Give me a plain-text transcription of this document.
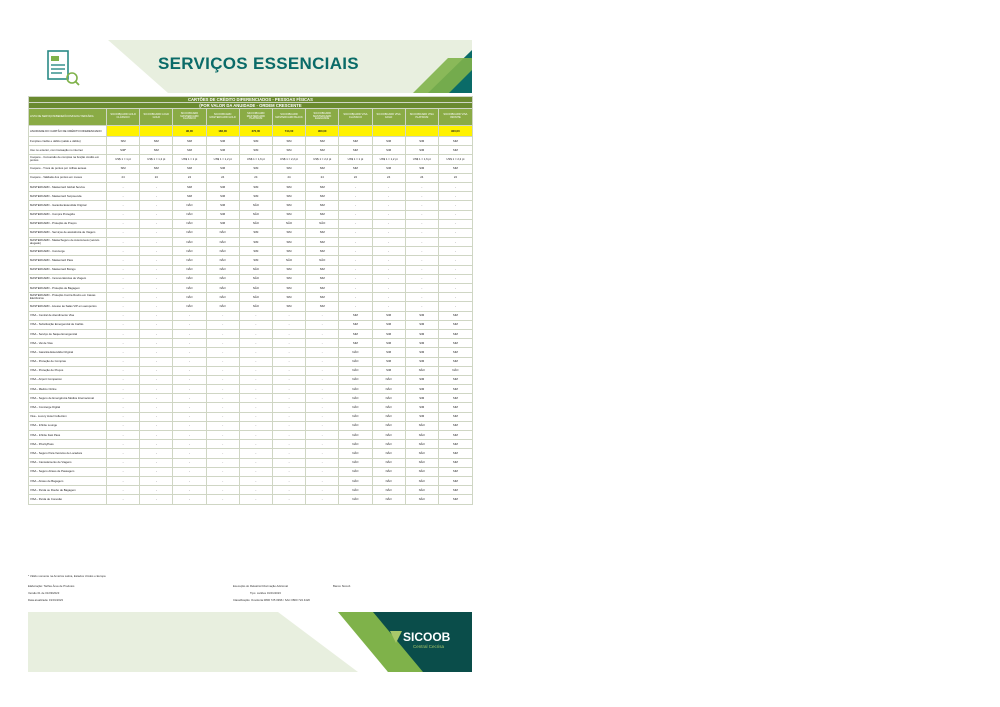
SERVIÇOS ESSENCIAIS
CARTÕES DE CRÉDITO DIFERENCIADOS - PESSOAS FÍSICAS											
(POR VALOR DA ANUIDADE - ORDEM CRESCENTE											
LISTA DE SERVIÇOS/BENEFÍCIOS/FAIXA TARIFÁRIA	SICOOBCARD GOLD CLÁSSICO	SICOOBCARD GOLD GOLD	SICOOBCARD MASTERCARD CLÁSSICO	SICOOBCARD MASTERCARD GOLD	SICOOBCARD MASTERCARD PLATINUM	SICOOBCARD MASTERCARD BLACK	SICOOBCARD MASTERCARD ELEGANCE	SICOOBCARD VISA CLÁSSICO	SICOOBCARD VISA GOLD	SICOOBCARD VISA PLATINUM	SICOOBCARD VISA INFINITE
ANUIDADE DO CARTÃO DE CRÉDITO DIFERENCIADO			96,00	186,00	270,00	744,00	900,00				900,00
Funções crédito e débito (saldo e débito)	SIM	SIM	SIM	SIM	SIM	SIM	SIM	SIM	SIM	SIM	SIM
Uso no exterior, com transação no internet	SIM*	SIM	SIM	SIM	SIM	SIM	SIM	SIM	SIM	SIM	SIM
Coopere - Conversão de compras na função crédito em pontos	US$ 1 = 1 pt	US$ 1 = 1,2 pt	US$ 1 = 1 pt	US$ 1 = 1,2 pt	US$ 1 = 1,6 pt	US$ 1 = 2,2 pt	US$ 1 = 2,2 pt	US$ 1 = 1 pt	US$ 1 = 1,2 pt	US$ 1 = 1,6 pt	US$ 1 = 2,2 pt
Coopere - Troca de pontos por milhas aéreas	SIM	SIM	SIM	SIM	SIM	SIM	SIM	SIM	SIM	SIM	SIM
Coopere - Validade dos pontos em meses	24	24	24	24	24	24	24	24	24	24	24
MASTERCARD - Mastercard Global Service	-	-	SIM	SIM	SIM	SIM	SIM	-	-	-	-
MASTERCARD - Mastercard Surpreenda	-	-	SIM	SIM	SIM	SIM	SIM	-	-	-	-
MASTERCARD - Garantia Estendida Original	-	-	NÃO	SIM	NÃO	SIM	SIM	-	-	-	-
MASTERCARD - Compra Protegida	-	-	NÃO	SIM	NÃO	SIM	SIM	-	-	-	-
MASTERCARD - Proteção de Preços	-	-	NÃO	SIM	NÃO	NÃO	NÃO	-	-	-	-
MASTERCARD - Serviços de assistência de Viagem	-	-	NÃO	NÃO	SIM	SIM	SIM	-	-	-	-
MASTERCARD - MasterSeguro de Automóveis (veículo alugado)	-	-	NÃO	NÃO	SIM	SIM	SIM	-	-	-	-
MASTERCARD - Concierge	-	-	NÃO	NÃO	SIM	SIM	SIM	-	-	-	-
MASTERCARD - Mastercard Pass	-	-	NÃO	NÃO	SIM	NÃO	NÃO	-	-	-	-
MASTERCARD - Mastercard Boingo	-	-	NÃO	NÃO	NÃO	SIM	SIM	-	-	-	-
MASTERCARD - Inconveniências de Viagem	-	-	NÃO	NÃO	NÃO	SIM	SIM	-	-	-	-
MASTERCARD - Proteção de Bagagem	-	-	NÃO	NÃO	NÃO	SIM	SIM	-	-	-	-
MASTERCARD - Proteção Contra Roubo em Caixas Eletrônicos	-	-	NÃO	NÃO	NÃO	SIM	SIM	-	-	-	-
MASTERCARD - Acesso às Salas VIP em aeroportos	-	-	NÃO	NÃO	NÃO	SIM	SIM	-	-	-	-
VISA - Central de Atendimento Visa	-	-	-	-	-	-	-	SIM	SIM	SIM	SIM
VISA - Substituição Emergencial de Cartão	-	-	-	-	-	-	-	SIM	SIM	SIM	SIM
VISA - Serviço de Saque Emergencial	-	-	-	-	-	-	-	SIM	SIM	SIM	SIM
VISA - Vai de Visa	-	-	-	-	-	-	-	SIM	SIM	SIM	SIM
VISA - Garantia Estendida Original	-	-	-	-	-	-	-	NÃO	SIM	SIM	SIM
VISA - Proteção de Compras	-	-	-	-	-	-	-	NÃO	SIM	SIM	SIM
VISA - Proteção de Preços	-	-	-	-	-	-	-	NÃO	SIM	NÃO	NÃO
VISA - Airport Companion	-	-	-	-	-	-	-	NÃO	NÃO	SIM	SIM
VISA - Médico Online	-	-	-	-	-	-	-	NÃO	NÃO	SIM	SIM
VISA - Seguro de Emergência Médica Internacional	-	-	-	-	-	-	-	NÃO	NÃO	SIM	SIM
VISA - Concierge Digital	-	-	-	-	-	-	-	NÃO	NÃO	SIM	SIM
Visa - Luxury Hotel Collection	-	-	-	-	-	-	-	NÃO	NÃO	SIM	SIM
VISA - Infinite Lounge	-	-	-	-	-	-	-	NÃO	NÃO	NÃO	SIM
VISA - Infinite Fast Pass	-	-	-	-	-	-	-	NÃO	NÃO	NÃO	SIM
VISA - PriorityPass	-	-	-	-	-	-	-	NÃO	NÃO	NÃO	SIM
VISA - Seguro Para Veículos de Locadora	-	-	-	-	-	-	-	NÃO	NÃO	NÃO	SIM
VISA - Cancelamento de Viagens	-	-	-	-	-	-	-	NÃO	NÃO	NÃO	SIM
VISA - Seguro Atraso de Passagem	-	-	-	-	-	-	-	NÃO	NÃO	NÃO	SIM
VISA - Atraso de Bagagem	-	-	-	-	-	-	-	NÃO	NÃO	NÃO	SIM
VISA - Perda ou Roubo de Bagagem	-	-	-	-	-	-	-	NÃO	NÃO	NÃO	SIM
VISA - Perda de Conexão	-	-	-	-	-	-	-	NÃO	NÃO	NÃO	SIM
* Válido somente na América Latina, Estados Unidos e Europa
Elaboração: Tarifas Área de Produtos
Versão 01 de 01/09/2023
Data atualizada: 19/01/2023
Execução do Relatório/Informação Adicional
Tipo: cartões 01/01/2023
Classificação: Ouvidoria 0800 725 0996 / SAC 0800 724 4420
Banco Sicoob
SICOOB
Central Cecrisa
